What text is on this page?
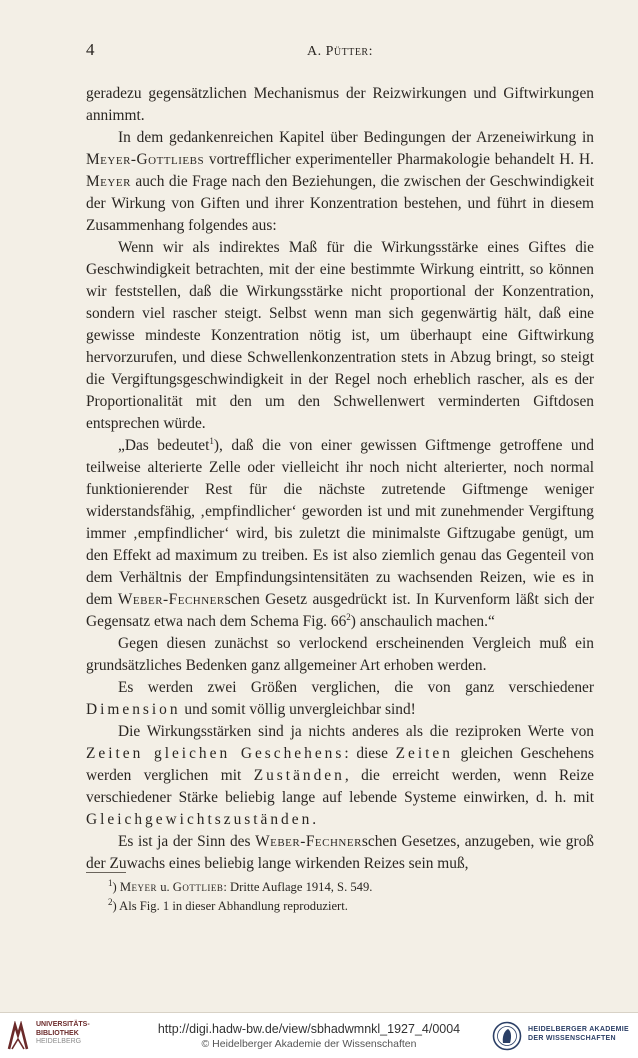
4	A. Pütter:

geradezu gegensätzlichen Mechanismus der Reizwirkungen und Giftwirkungen annimmt.

In dem gedankenreichen Kapitel über Bedingungen der Arzeneiwirkung in Meyer-Gottliebs vortrefflicher experimenteller Pharmakologie behandelt H. H. Meyer auch die Frage nach den Beziehungen, die zwischen der Geschwindigkeit der Wirkung von Giften und ihrer Konzentration bestehen, und führt in diesem Zusammenhang folgendes aus:

Wenn wir als indirektes Maß für die Wirkungsstärke eines Giftes die Geschwindigkeit betrachten, mit der eine bestimmte Wirkung eintritt, so können wir feststellen, daß die Wirkungsstärke nicht proportional der Konzentration, sondern viel rascher steigt. Selbst wenn man sich gegenwärtig hält, daß eine gewisse mindeste Konzentration nötig ist, um überhaupt eine Giftwirkung hervorzurufen, und diese Schwellenkonzentration stets in Abzug bringt, so steigt die Vergiftungsgeschwindigkeit in der Regel noch erheblich rascher, als es der Proportionalität mit den um den Schwellenwert verminderten Giftdosen entsprechen würde.

„Das bedeutet$^1$), daß die von einer gewissen Giftmenge getroffene und teilweise alterierte Zelle oder vielleicht ihr noch nicht alterierter, noch normal funktionierender Rest für die nächste zutretende Giftmenge weniger widerstandsfähig, ‚empfindlicher‘ geworden ist und mit zunehmender Vergiftung immer ‚empfindlicher‘ wird, bis zuletzt die minimalste Giftzugabe genügt, um den Effekt ad maximum zu treiben. Es ist also ziemlich genau das Gegenteil von dem Verhältnis der Empfindungsintensitäten zu wachsenden Reizen, wie es in dem Weber-Fechnerschen Gesetz ausgedrückt ist. In Kurvenform läßt sich der Gegensatz etwa nach dem Schema Fig. $66^2$) anschaulich machen.“

Gegen diesen zunächst so verlockend erscheinenden Vergleich muß ein grundsätzliches Bedenken ganz allgemeiner Art erhoben werden.

Es werden zwei Größen verglichen, die von ganz verschiedener Dimension und somit völlig unvergleichbar sind!

Die Wirkungsstärken sind ja nichts anderes als die reziproken Werte von Zeiten gleichen Geschehens: diese Zeiten gleichen Geschehens werden verglichen mit Zuständen, die erreicht werden, wenn Reize verschiedener Stärke beliebig lange auf lebende Systeme einwirken, d. h. mit Gleichgewichtszuständen.

Es ist ja der Sinn des Weber-Fechnerschen Gesetzes, anzugeben, wie groß der Zuwachs eines beliebig lange wirkenden Reizes sein muß,

$^1$) Meyer u. Gottlieb: Dritte Auflage 1914, S. 549.

$^2$) Als Fig. 1 in dieser Abhandlung reproduziert.

UNIVERSITÄTS-
BIBLIOTHEK
HEIDELBERG
http://digi.hadw-bw.de/view/sbhadwmnkl_1927_4/0004
© Heidelberger Akademie der Wissenschaften
HEIDELBERGER AKADEMIE
DER WISSENSCHAFTEN
